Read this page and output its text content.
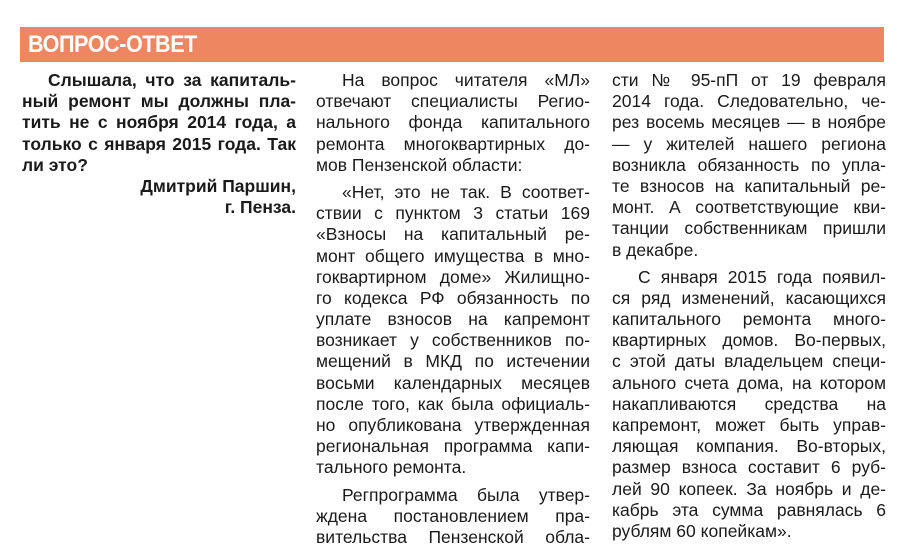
ВОПРОС-ОТВЕТ
Слышала, что за капиталь-
ный ремонт мы должны пла-
тить не с ноября 2014 года, а
только с января 2015 года. Так
ли это?
Дмитрий Паршин,
г. Пенза.
На вопрос читателя «МЛ»
отвечают специалисты Регио-
нального фонда капитального
ремонта многоквартирных до-
мов Пензенской области:
«Нет, это не так. В соответ-
ствии с пунктом 3 статьи 169
«Взносы на капитальный ре-
монт общего имущества в мно-
гоквартирном доме» Жилищно-
го кодекса РФ обязанность по
уплате взносов на капремонт
возникает у собственников по-
мещений в МКД по истечении
восьми календарных месяцев
после того, как была официаль-
но опубликована утвержденная
региональная программа капи-
тального ремонта.
Регпрограмма была утвер-
ждена постановлением пра-
вительства Пензенской обла-
сти № 95-пП от 19 февраля
2014 года. Следовательно, че-
рез восемь месяцев — в ноябре
— у жителей нашего региона
возникла обязанность по упла-
те взносов на капитальный ре-
монт. А соответствующие кви-
танции собственникам пришли
в декабре.
С января 2015 года появил-
ся ряд изменений, касающихся
капитального ремонта много-
квартирных домов. Во-первых,
с этой даты владельцем специ-
ального счета дома, на котором
накапливаются средства на
капремонт, может быть управ-
ляющая компания. Во-вторых,
размер взноса составит 6 руб-
лей 90 копеек. За ноябрь и де-
кабрь эта сумма равнялась 6
рублям 60 копейкам».
